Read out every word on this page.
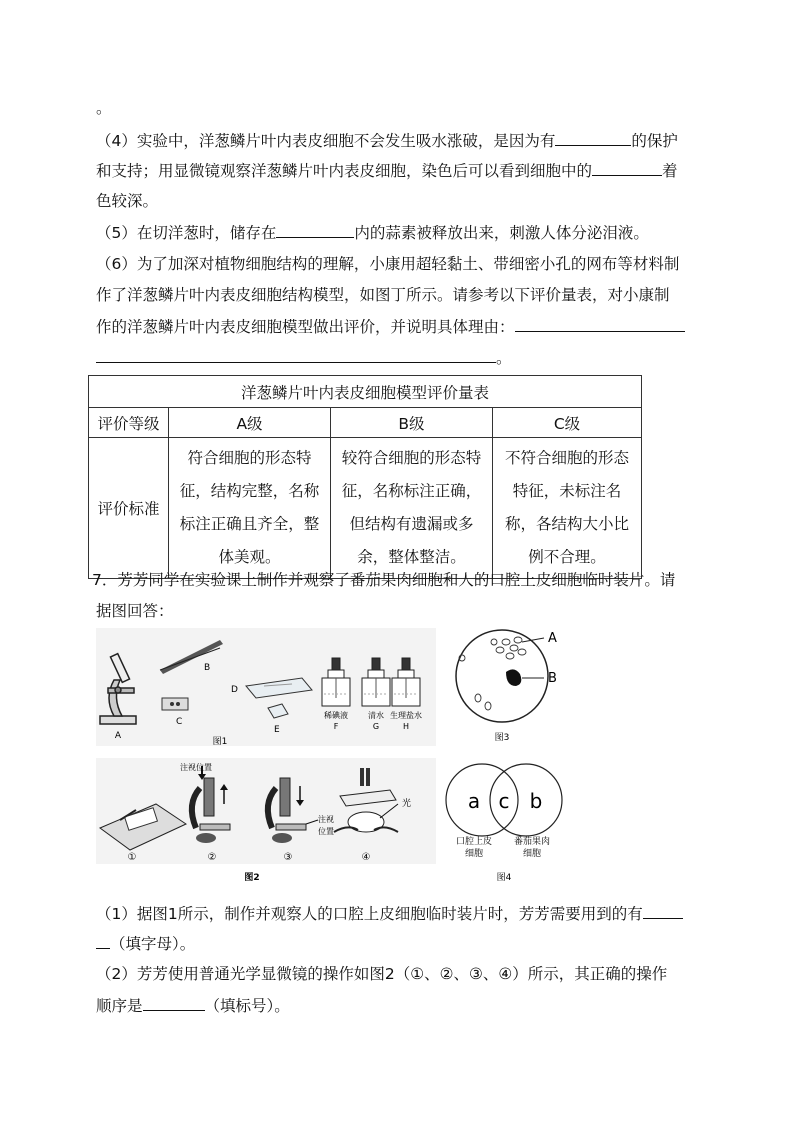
。
（4）实验中，洋葱鳞片叶内表皮细胞不会发生吸水涨破，是因为有	的保护
和支持；用显微镜观察洋葱鳞片叶内表皮细胞，染色后可以看到细胞中的	着
色较深。
（5）在切洋葱时，储存在	内的蒜素被释放出来，刺激人体分泌泪液。
（6）为了加深对植物细胞结构的理解，小康用超轻黏土、带细密小孔的网布等材料制
作了洋葱鳞片叶内表皮细胞结构模型，如图丁所示。请参考以下评价量表，对小康制
作的洋葱鳞片叶内表皮细胞模型做出评价，并说明具体理由：
。
洋葱鳞片叶内表皮细胞模型评价量表			
评价等级	A级	B级	C级
评价标准	符合细胞的形态特征，结构完整，名称标注正确且齐全，整体美观。	较符合细胞的形态特征，名称标注正确，但结构有遗漏或多余，整体整洁。	不符合细胞的形态特征，未标注名称，各结构大小比例不合理。
7．芳芳同学在实验课上制作并观察了番茄果肉细胞和人的口腔上皮细胞临时装片。请
据图回答：
A
B
C
D
E
稀碘液
F
清水
G
生理盐水
H
图1
A
B
图3
①
注视位置
②
注视
位置
③
光
④
图2
a c b
口腔上皮
细胞
番茄果肉
细胞
图4
（1）据图1所示，制作并观察人的口腔上皮细胞临时装片时，芳芳需要用到的有
（填字母）。
（2）芳芳使用普通光学显微镜的操作如图2（①、②、③、④）所示，其正确的操作
顺序是	（填标号）。
